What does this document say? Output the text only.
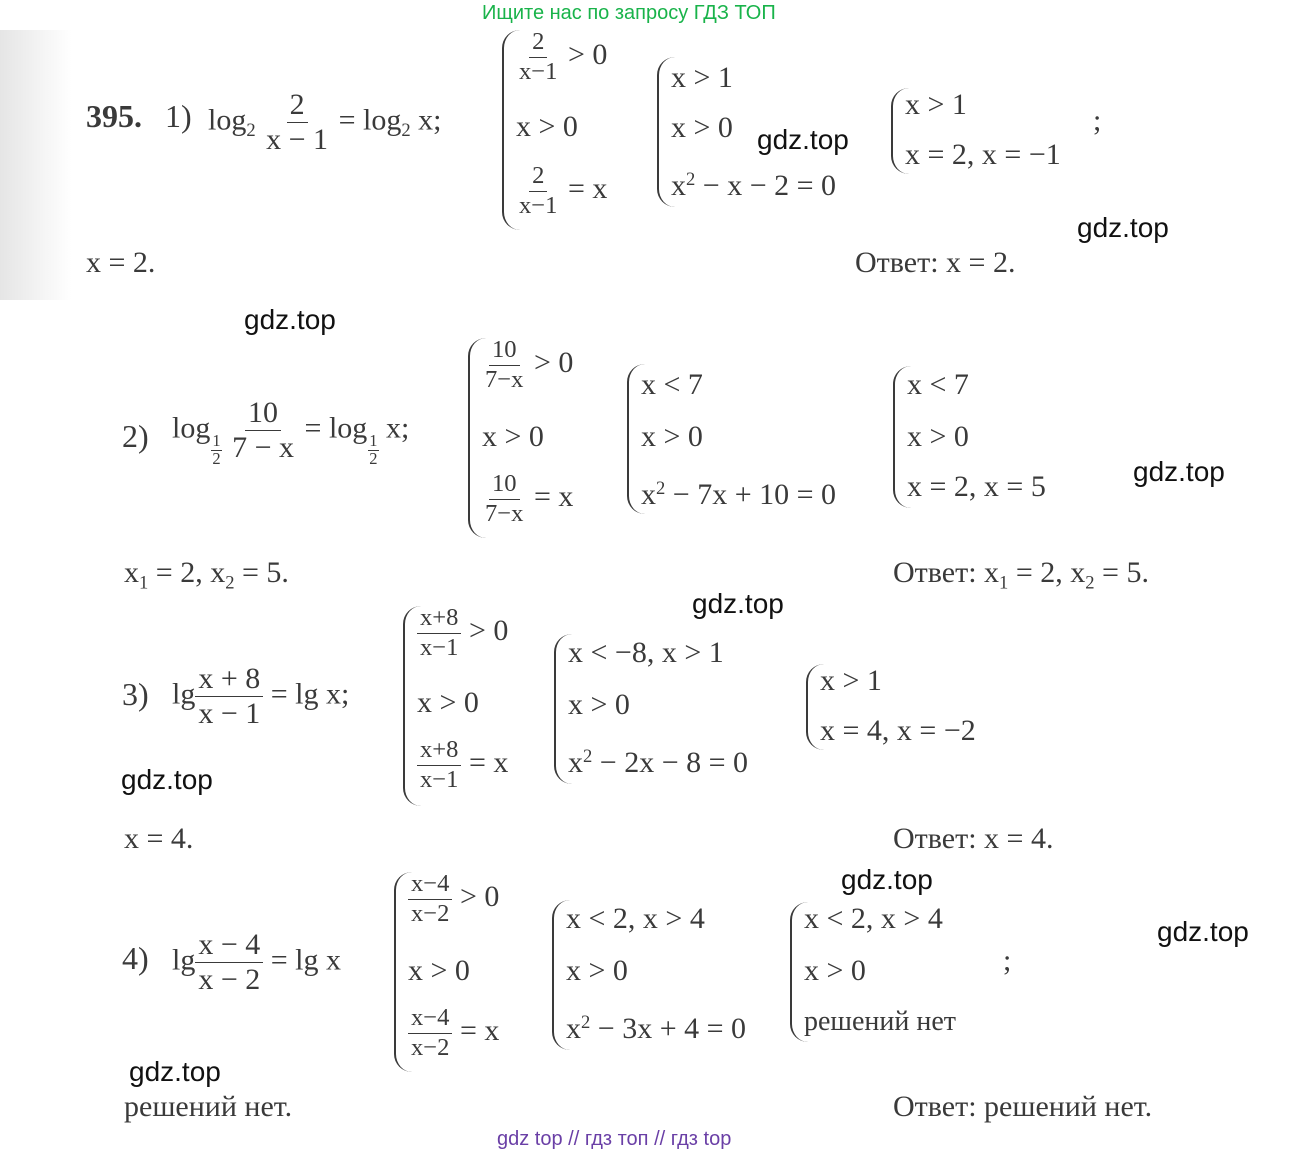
Ищите нас по запросу ГДЗ ТОП
395. 1) $\log_2 \frac{2}{x - 1} = \log_2 x$;
$\frac{2}{x-1} > 0$
x > 0
$\frac{2}{x-1} = x$
x > 1
x > 0
$x^2 - x - 2 = 0$
x > 1
x = 2, x = −1
;
x = 2.	Ответ: x = 2.
2) log
$\frac{1}{2}$
$\frac{10}{7 - x} = \log$
$\frac{1}{2}$
x;
$\frac{10}{7-x} > 0$
x > 0
$\frac{10}{7-x} = x$
x < 7
x > 0
$x^2 - 7x + 10 = 0$
x < 7
x > 0
x = 2, x = 5
$x_1 = 2$, $x_2 = 5$.	Ответ: $x_1 = 2$, $x_2 = 5$.
3) $\lg \frac{x + 8}{x - 1} = \lg x$;
$\frac{x+8}{x-1} > 0$
x > 0
$\frac{x+8}{x-1} = x$
x < −8, x > 1
x > 0
$x^2 - 2x - 8 = 0$
x > 1
x = 4, x = −2
x = 4.	Ответ: x = 4.
4) $\lg \frac{x - 4}{x - 2} = \lg x$
$\frac{x-4}{x-2} > 0$
x > 0
$\frac{x-4}{x-2} = x$
x < 2, x > 4
x > 0
$x^2 - 3x + 4 = 0$
x < 2, x > 4
x > 0
решений нет
;
решений нет.	Ответ: решений нет.
gdz.top
gdz.top
gdz.top
gdz.top
gdz.top
gdz.top
gdz.top
gdz.top
gdz.top
gdz top // гдз топ // гдз top
